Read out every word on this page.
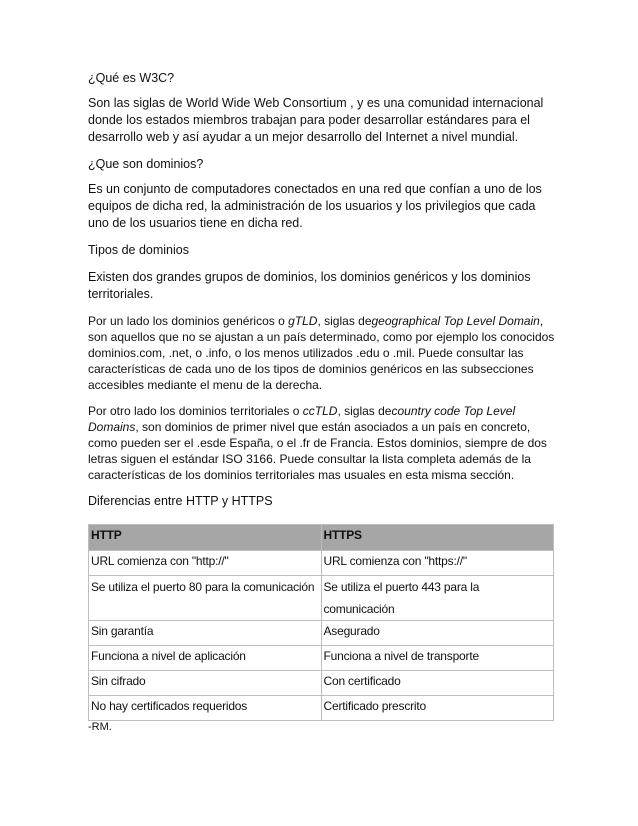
¿Qué es W3C?

Son las siglas de World Wide Web Consortium , y es una comunidad internacional donde los estados miembros trabajan para poder desarrollar estándares para el desarrollo web y así ayudar a un mejor desarrollo del Internet a nivel mundial.

¿Que son dominios?

Es un conjunto de computadores conectados en una red que confían a uno de los equipos de dicha red, la administración de los usuarios y los privilegios que cada uno de los usuarios tiene en dicha red.

Tipos de dominios

Existen dos grandes grupos de dominios, los dominios genéricos y los dominios territoriales.

Por un lado los dominios genéricos o gTLD, siglas degeographical Top Level Domain, son aquellos que no se ajustan a un país determinado, como por ejemplo los conocidos dominios.com, .net, o .info, o los menos utilizados .edu o .mil. Puede consultar las características de cada uno de los tipos de dominios genéricos en las subsecciones accesibles mediante el menu de la derecha.

Por otro lado los dominios territoriales o ccTLD, siglas decountry code Top Level Domains, son dominios de primer nivel que están asociados a un país en concreto, como pueden ser el .esde España, o el .fr de Francia. Estos dominios, siempre de dos letras siguen el estándar ISO 3166. Puede consultar la lista completa además de la características de los dominios territoriales mas usuales en esta misma sección.

Diferencias entre HTTP y HTTPS

HTTP	HTTPS
URL comienza con "http://"	URL comienza con "https://"
Se utiliza el puerto 80 para la comunicación	Se utiliza el puerto 443 para la comunicación
Sin garantía	Asegurado
Funciona a nivel de aplicación	Funciona a nivel de transporte
Sin cifrado	Con certificado
No hay certificados requeridos	Certificado prescrito

-RM.
